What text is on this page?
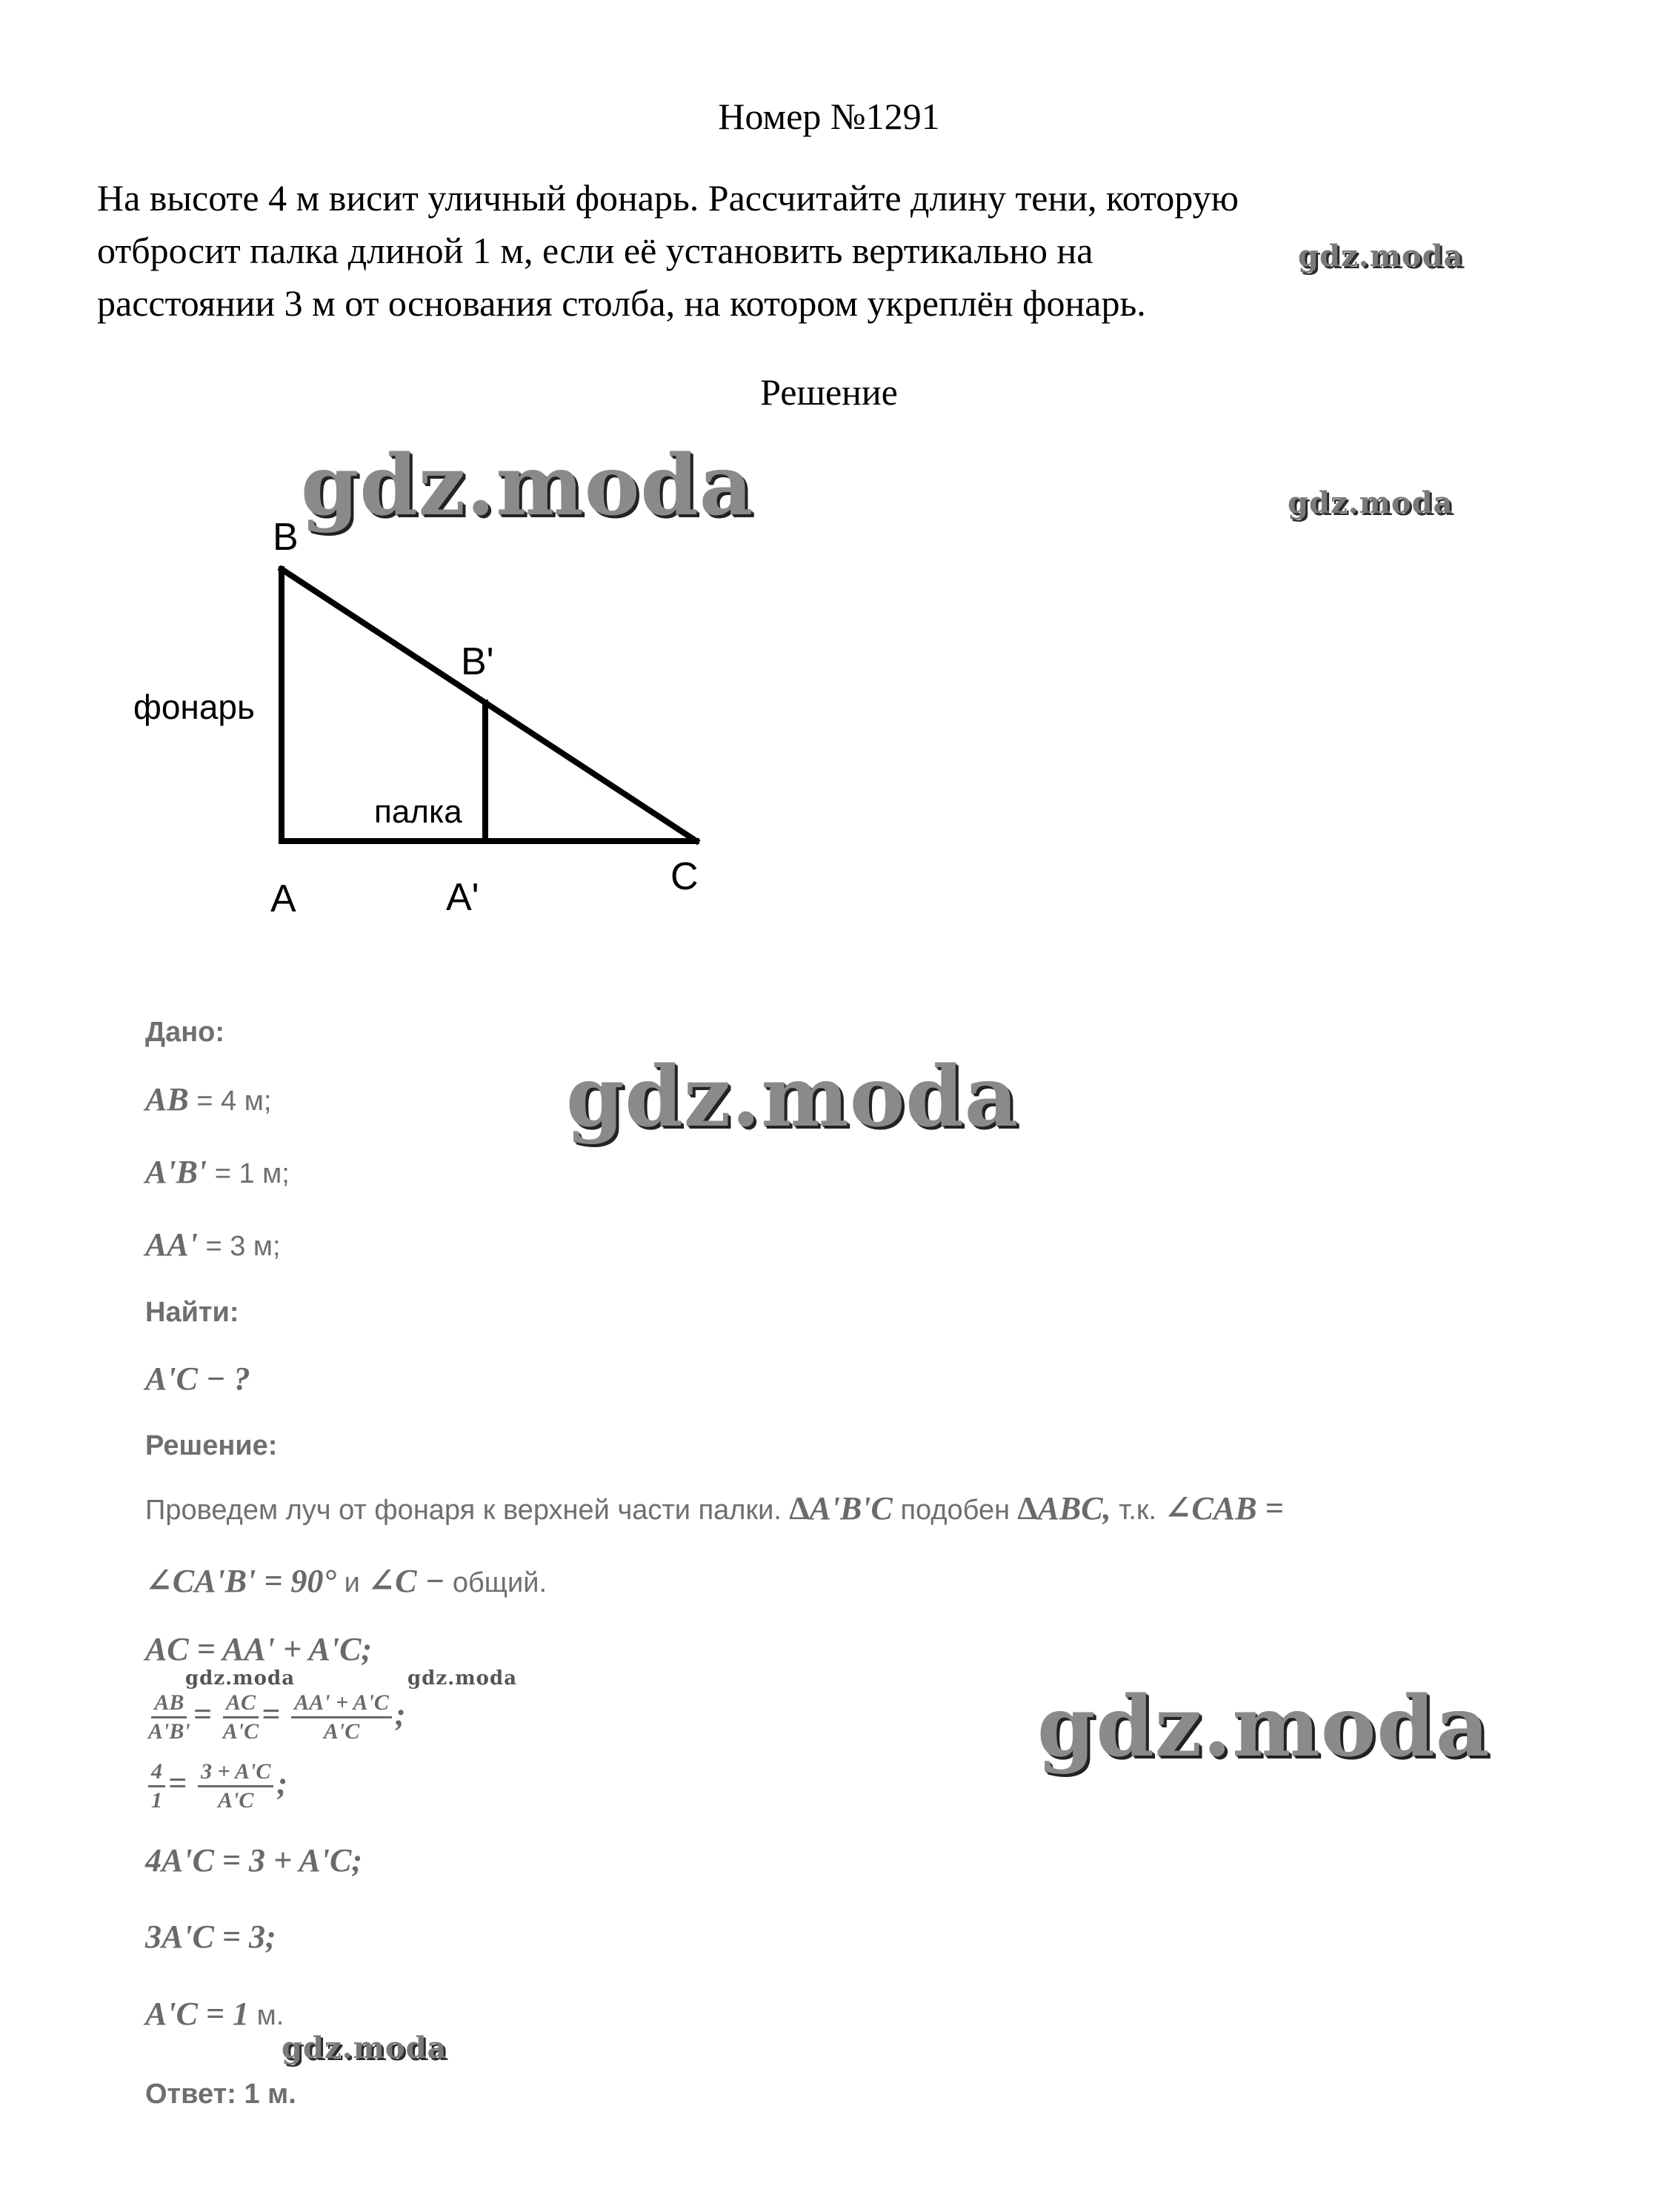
Номер №1291
На высоте 4 м висит уличный фонарь. Рассчитайте длину тени, которую
отбросит палка длиной 1 м, если её установить вертикально на
расстоянии 3 м от основания столба, на котором укреплён фонарь.
Решение
gdz.moda
gdz.moda	gdz.moda
gdz.moda
gdz.moda
gdz.moda	gdz.moda
gdz.moda
B
B'
фонарь
палка
A	A'	C
Дано:
AB = 4 м;
A'B' = 1 м;
AA' = 3 м;
Найти:
A'C − ?
Решение:
Проведем луч от фонаря к верхней части палки. ∆A'B'C подобен ∆ABC, т.к. ∠CAB =
∠CA'B' = 90° и ∠C − общий.
AC = AA' + A'C;
$\frac{AB}{A'B'} = \frac{AC}{A'C} = \frac{AA' + A'C}{A'C}$ ;
$\frac{4}{1} = \frac{3 + A'C}{A'C}$ ;
4A'C = 3 + A'C;
3A'C = 3;
A'C = 1 м.
Ответ: 1 м.
